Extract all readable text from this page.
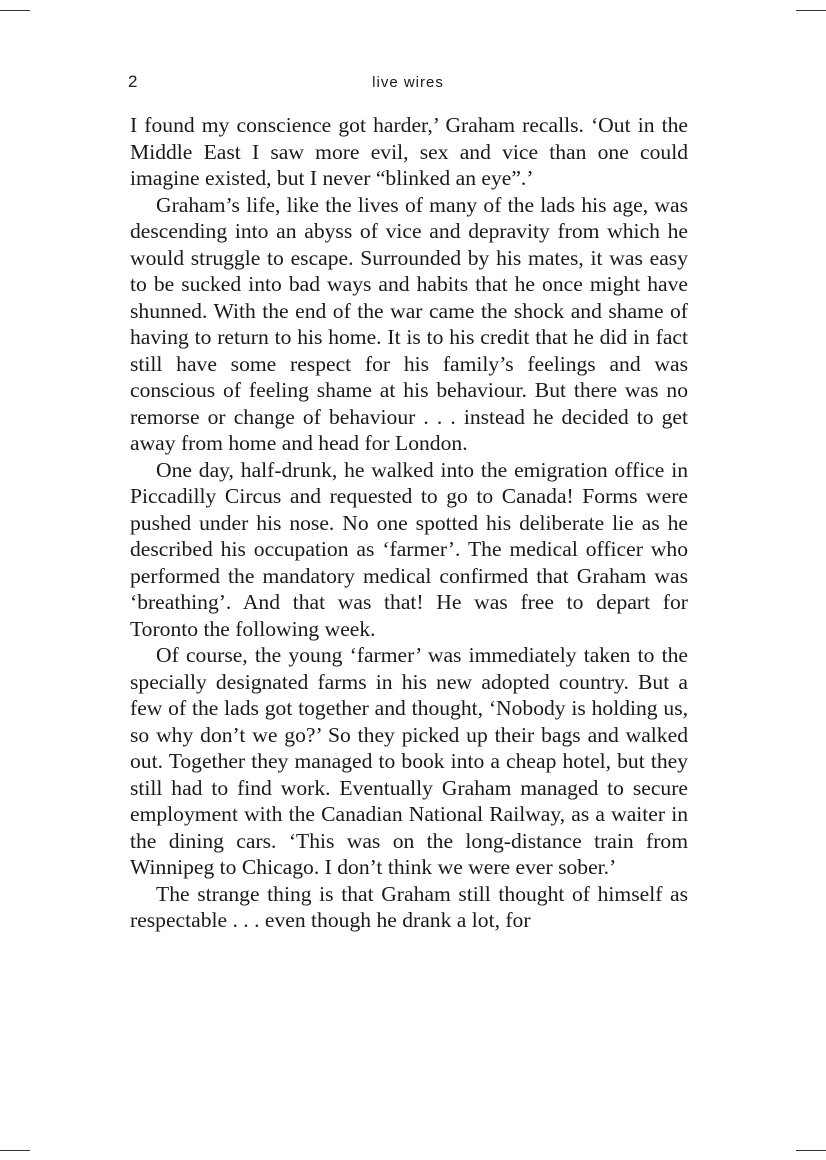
2	live wires

I found my conscience got harder,’ Graham recalls. ‘Out in the Middle East I saw more evil, sex and vice than one could imagine existed, but I never “blinked an eye”.’

Graham’s life, like the lives of many of the lads his age, was descending into an abyss of vice and depravity from which he would struggle to escape. Surrounded by his mates, it was easy to be sucked into bad ways and habits that he once might have shunned. With the end of the war came the shock and shame of having to return to his home. It is to his credit that he did in fact still have some respect for his family’s feelings and was conscious of feeling shame at his behaviour. But there was no remorse or change of behaviour . . . instead he decided to get away from home and head for London.

One day, half-drunk, he walked into the emigration office in Piccadilly Circus and requested to go to Canada! Forms were pushed under his nose. No one spotted his deliberate lie as he described his occupation as ‘farmer’. The medical officer who performed the mandatory medical confirmed that Graham was ‘breathing’. And that was that! He was free to depart for Toronto the following week.

Of course, the young ‘farmer’ was immediately taken to the specially designated farms in his new adopted country. But a few of the lads got together and thought, ‘Nobody is holding us, so why don’t we go?’ So they picked up their bags and walked out. Together they managed to book into a cheap hotel, but they still had to find work. Eventually Graham managed to secure employment with the Canadian National Railway, as a waiter in the dining cars. ‘This was on the long-distance train from Winnipeg to Chicago. I don’t think we were ever sober.’

The strange thing is that Graham still thought of himself as respectable . . . even though he drank a lot, for
